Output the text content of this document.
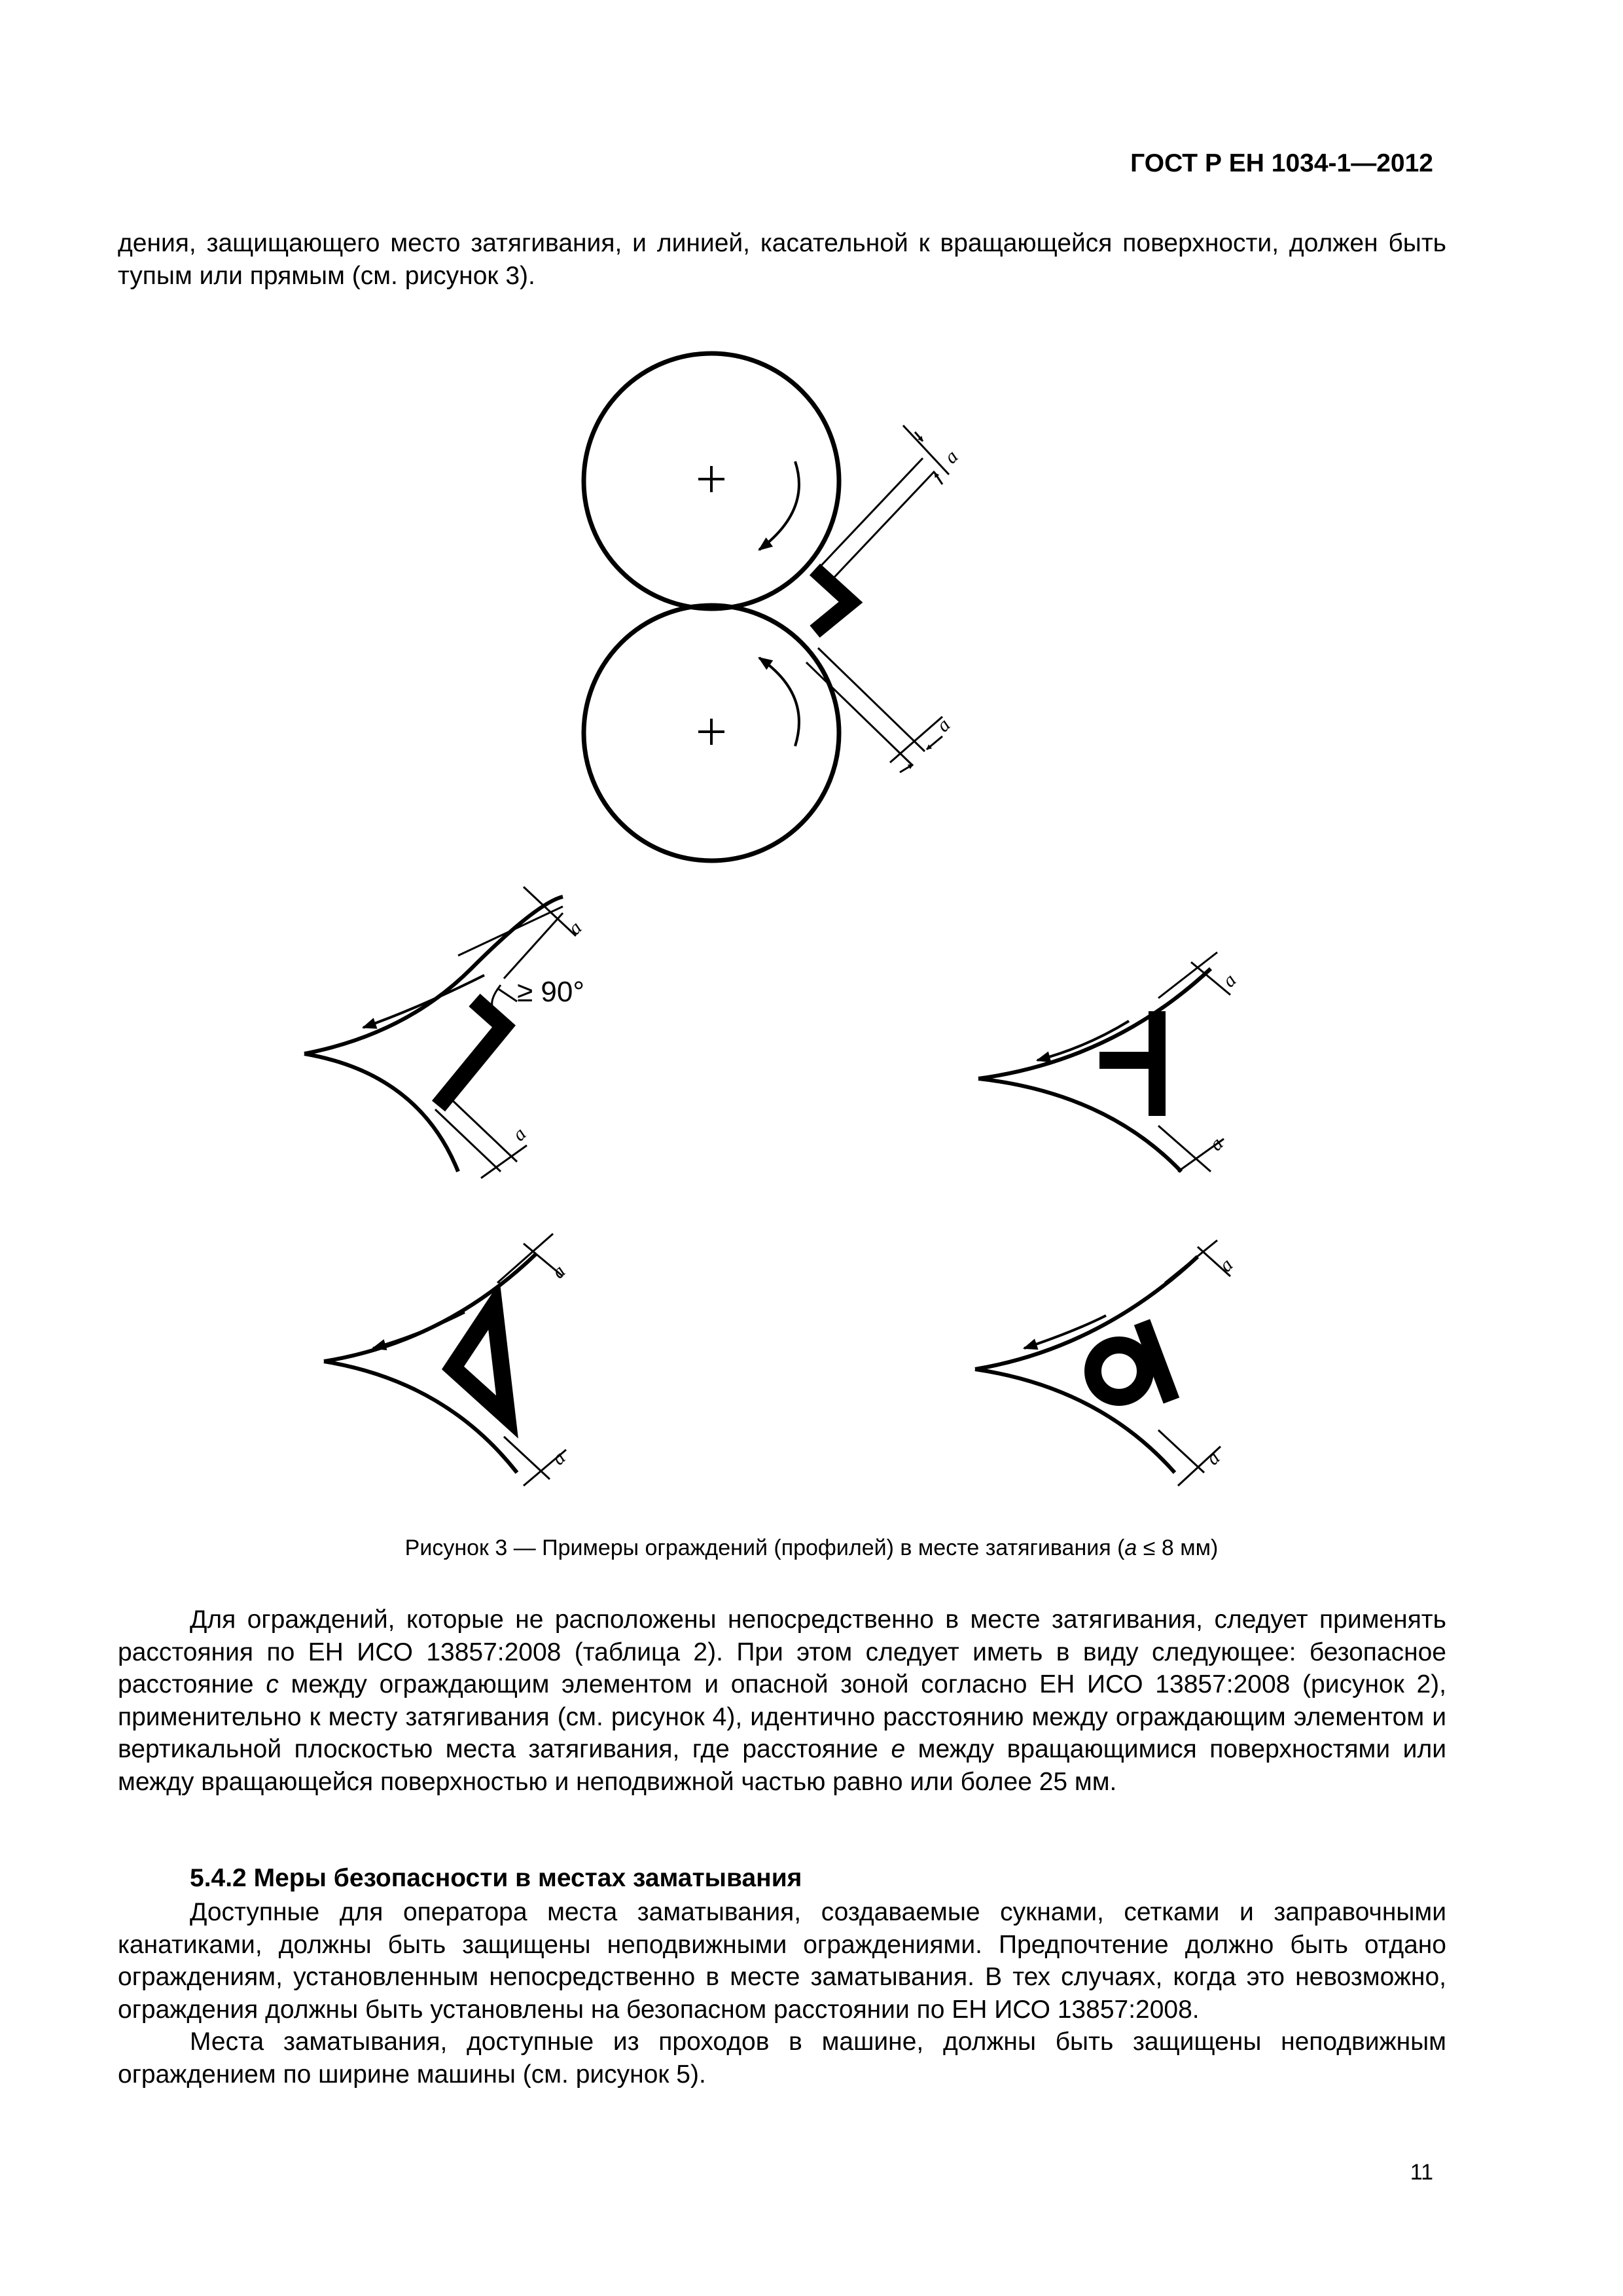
ГОСТ Р ЕН 1034-1—2012

дения, защищающего место затягивания, и линией, касательной к вращающейся поверхности, должен быть тупым или прямым (см. рисунок 3).

a
a
≥ 90°
a
a
a
a
a
a
a
a
Рисунок 3 — Примеры ограждений (профилей) в месте затягивания (a ≤ 8 мм)

Для ограждений, которые не расположены непосредственно в месте затягивания, следует применять расстояния по ЕН ИСО 13857:2008 (таблица 2). При этом следует иметь в виду следующее: безопасное расстояние c между ограждающим элементом и опасной зоной согласно ЕН ИСО 13857:2008 (рисунок 2), применительно к месту затягивания (см. рисунок 4), идентично расстоянию между ограждающим элементом и вертикальной плоскостью места затягивания, где расстояние e между вращающимися поверхностями или между вращающейся поверхностью и неподвижной частью равно или более 25 мм.

5.4.2 Меры безопасности в местах заматывания

Доступные для оператора места заматывания, создаваемые сукнами, сетками и заправочными канатиками, должны быть защищены неподвижными ограждениями. Предпочтение должно быть отдано ограждениям, установленным непосредственно в месте заматывания. В тех случаях, когда это невозможно, ограждения должны быть установлены на безопасном расстоянии по ЕН ИСО 13857:2008.

Места заматывания, доступные из проходов в машине, должны быть защищены неподвижным ограждением по ширине машины (см. рисунок 5).

11
